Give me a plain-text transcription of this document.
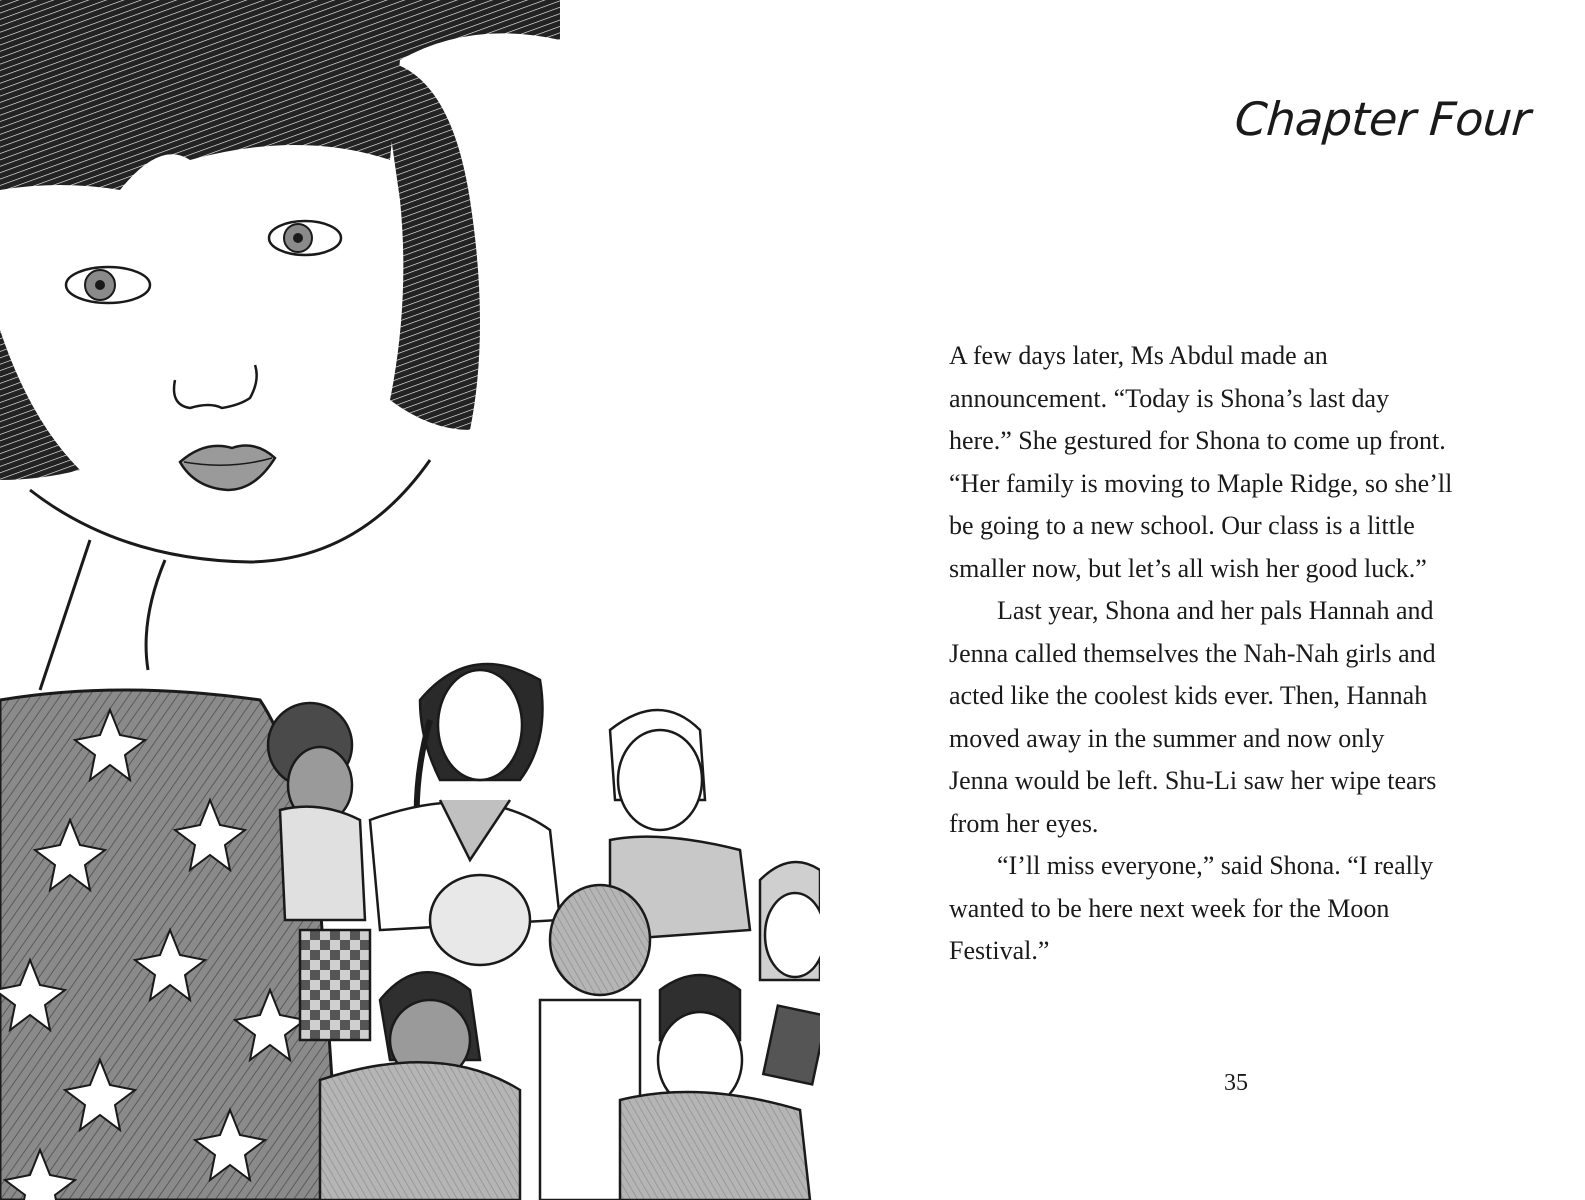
Chapter Four

A few days later, Ms Abdul made an
announcement. “Today is Shona’s last day
here.” She gestured for Shona to come up front.
“Her family is moving to Maple Ridge, so she’ll
be going to a new school. Our class is a little
smaller now, but let’s all wish her good luck.”

Last year, Shona and her pals Hannah and
Jenna called themselves the Nah-Nah girls and
acted like the coolest kids ever. Then, Hannah
moved away in the summer and now only
Jenna would be left. Shu-Li saw her wipe tears
from her eyes.

“I’ll miss everyone,” said Shona. “I really
wanted to be here next week for the Moon
Festival.”

35
